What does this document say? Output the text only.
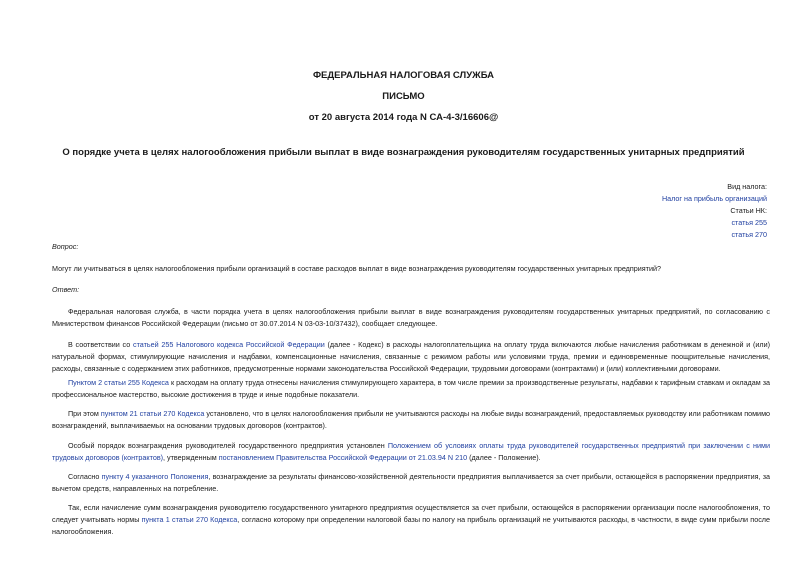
ФЕДЕРАЛЬНАЯ НАЛОГОВАЯ СЛУЖБА
ПИСЬМО
от 20 августа 2014 года N СА-4-3/16606@
О порядке учета в целях налогообложения прибыли выплат в виде вознаграждения руководителям государственных унитарных предприятий
Вид налога:
Налог на прибыль организаций
Статьи НК:
статья 255
статья 270
Вопрос:
Могут ли учитываться в целях налогообложения прибыли организаций в составе расходов выплат в виде вознаграждения руководителям государственных унитарных предприятий?
Ответ:
Федеральная налоговая служба, в части порядка учета в целях налогообложения прибыли выплат в виде вознаграждения руководителям государственных унитарных предприятий, по согласованию с Министерством финансов Российской Федерации (письмо от 30.07.2014 N 03-03-10/37432), сообщает следующее.
В соответствии со статьей 255 Налогового кодекса Российской Федерации (далее - Кодекс) в расходы налогоплательщика на оплату труда включаются любые начисления работникам в денежной и (или) натуральной формах, стимулирующие начисления и надбавки, компенсационные начисления, связанные с режимом работы или условиями труда, премии и единовременные поощрительные начисления, расходы, связанные с содержанием этих работников, предусмотренные нормами законодательства Российской Федерации, трудовыми договорами (контрактами) и (или) коллективными договорами.
Пунктом 2 статьи 255 Кодекса к расходам на оплату труда отнесены начисления стимулирующего характера, в том числе премии за производственные результаты, надбавки к тарифным ставкам и окладам за профессиональное мастерство, высокие достижения в труде и иные подобные показатели.
При этом пунктом 21 статьи 270 Кодекса установлено, что в целях налогообложения прибыли не учитываются расходы на любые виды вознаграждений, предоставляемых руководству или работникам помимо вознаграждений, выплачиваемых на основании трудовых договоров (контрактов).
Особый порядок вознаграждения руководителей государственного предприятия установлен Положением об условиях оплаты труда руководителей государственных предприятий при заключении с ними трудовых договоров (контрактов), утвержденным постановлением Правительства Российской Федерации от 21.03.94 N 210 (далее - Положение).
Согласно пункту 4 указанного Положения, вознаграждение за результаты финансово-хозяйственной деятельности предприятия выплачивается за счет прибыли, остающейся в распоряжении предприятия, за вычетом средств, направленных на потребление.
Так, если начисление сумм вознаграждения руководителю государственного унитарного предприятия осуществляется за счет прибыли, остающейся в распоряжении организации после налогообложения, то следует учитывать нормы пункта 1 статьи 270 Кодекса, согласно которому при определении налоговой базы по налогу на прибыль организаций не учитываются расходы, в частности, в виде сумм прибыли после налогообложения.
